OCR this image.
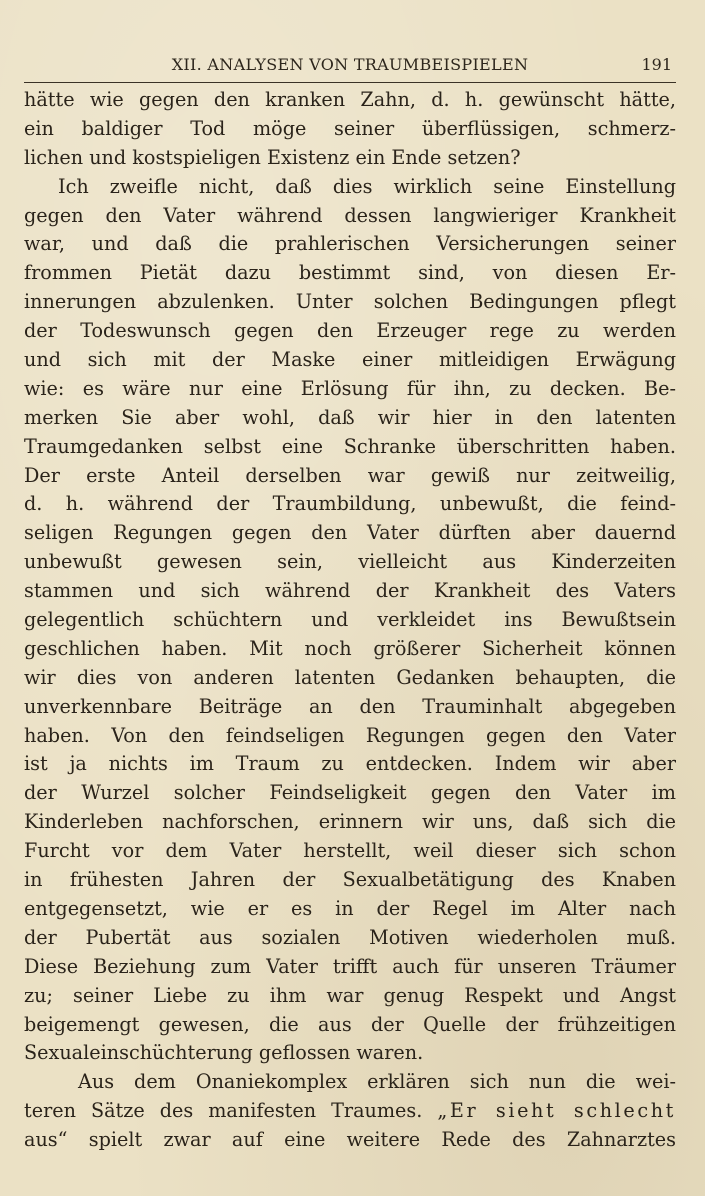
XII. ANALYSEN VON TRAUMBEISPIELEN	191
hätte wie gegen den kranken Zahn, d. h. gewünscht hätte,
ein baldiger Tod möge seiner überflüssigen, schmerz-
lichen und kostspieligen Existenz ein Ende setzen?
Ich zweifle nicht, daß dies wirklich seine Einstellung
gegen den Vater während dessen langwieriger Krankheit
war, und daß die prahlerischen Versicherungen seiner
frommen Pietät dazu bestimmt sind, von diesen Er-
innerungen abzulenken. Unter solchen Bedingungen pflegt
der Todeswunsch gegen den Erzeuger rege zu werden
und sich mit der Maske einer mitleidigen Erwägung
wie: es wäre nur eine Erlösung für ihn, zu decken. Be-
merken Sie aber wohl, daß wir hier in den latenten
Traumgedanken selbst eine Schranke überschritten haben.
Der erste Anteil derselben war gewiß nur zeitweilig,
d. h. während der Traumbildung, unbewußt, die feind-
seligen Regungen gegen den Vater dürften aber dauernd
unbewußt gewesen sein, vielleicht aus Kinderzeiten
stammen und sich während der Krankheit des Vaters
gelegentlich schüchtern und verkleidet ins Bewußtsein
geschlichen haben. Mit noch größerer Sicherheit können
wir dies von anderen latenten Gedanken behaupten, die
unverkennbare Beiträge an den Trauminhalt abgegeben
haben. Von den feindseligen Regungen gegen den Vater
ist ja nichts im Traum zu entdecken. Indem wir aber
der Wurzel solcher Feindseligkeit gegen den Vater im
Kinderleben nachforschen, erinnern wir uns, daß sich die
Furcht vor dem Vater herstellt, weil dieser sich schon
in frühesten Jahren der Sexualbetätigung des Knaben
entgegensetzt, wie er es in der Regel im Alter nach
der Pubertät aus sozialen Motiven wiederholen muß.
Diese Beziehung zum Vater trifft auch für unseren Träumer
zu; seiner Liebe zu ihm war genug Respekt und Angst
beigemengt gewesen, die aus der Quelle der frühzeitigen
Sexualeinschüchterung geflossen waren.
Aus dem Onaniekomplex erklären sich nun die wei-
teren Sätze des manifesten Traumes. „Er sieht schlecht
aus“ spielt zwar auf eine weitere Rede des Zahnarztes
